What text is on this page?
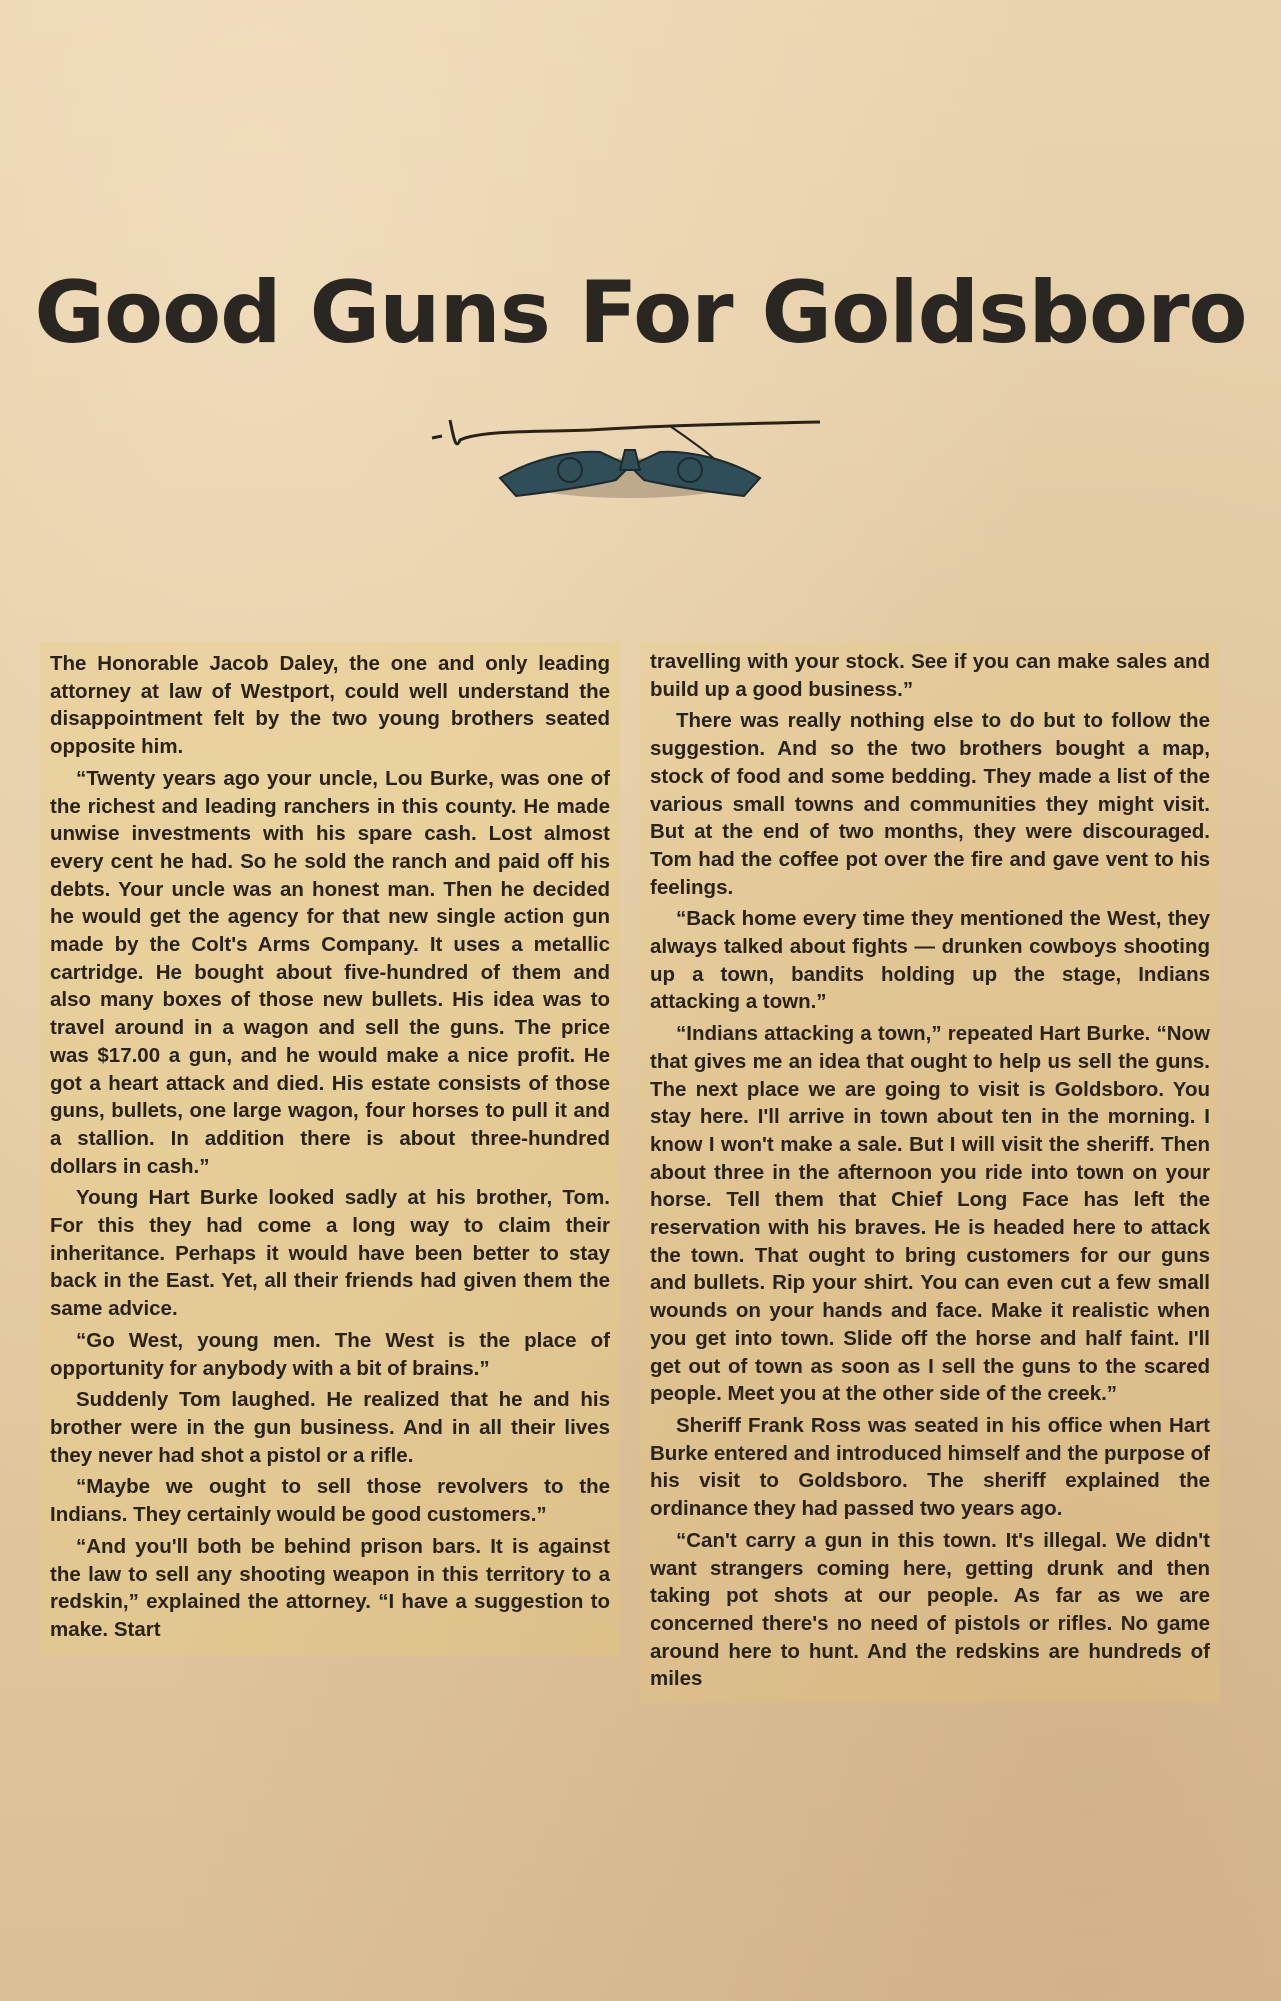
Good Guns For Goldsboro

The Honorable Jacob Daley, the one and only leading attorney at law of Westport, could well understand the disappointment felt by the two young brothers seated opposite him.

“Twenty years ago your uncle, Lou Burke, was one of the richest and leading ranchers in this county. He made unwise investments with his spare cash. Lost almost every cent he had. So he sold the ranch and paid off his debts. Your uncle was an honest man. Then he decided he would get the agency for that new single action gun made by the Colt's Arms Company. It uses a metallic cartridge. He bought about five-hundred of them and also many boxes of those new bullets. His idea was to travel around in a wagon and sell the guns. The price was $17.00 a gun, and he would make a nice profit. He got a heart attack and died. His estate consists of those guns, bullets, one large wagon, four horses to pull it and a stallion. In addition there is about three-hundred dollars in cash.”

Young Hart Burke looked sadly at his brother, Tom. For this they had come a long way to claim their inheritance. Perhaps it would have been better to stay back in the East. Yet, all their friends had given them the same advice.

“Go West, young men. The West is the place of opportunity for anybody with a bit of brains.”

Suddenly Tom laughed. He realized that he and his brother were in the gun business. And in all their lives they never had shot a pistol or a rifle.

“Maybe we ought to sell those revolvers to the Indians. They certainly would be good customers.”

“And you'll both be behind prison bars. It is against the law to sell any shooting weapon in this territory to a redskin,” explained the attorney. “I have a suggestion to make. Start

travelling with your stock. See if you can make sales and build up a good business.”

There was really nothing else to do but to follow the suggestion. And so the two brothers bought a map, stock of food and some bedding. They made a list of the various small towns and communities they might visit. But at the end of two months, they were discouraged. Tom had the coffee pot over the fire and gave vent to his feelings.

“Back home every time they mentioned the West, they always talked about fights — drunken cowboys shooting up a town, bandits holding up the stage, Indians attacking a town.”

“Indians attacking a town,” repeated Hart Burke. “Now that gives me an idea that ought to help us sell the guns. The next place we are going to visit is Goldsboro. You stay here. I'll arrive in town about ten in the morning. I know I won't make a sale. But I will visit the sheriff. Then about three in the afternoon you ride into town on your horse. Tell them that Chief Long Face has left the reservation with his braves. He is headed here to attack the town. That ought to bring customers for our guns and bullets. Rip your shirt. You can even cut a few small wounds on your hands and face. Make it realistic when you get into town. Slide off the horse and half faint. I'll get out of town as soon as I sell the guns to the scared people. Meet you at the other side of the creek.”

Sheriff Frank Ross was seated in his office when Hart Burke entered and introduced himself and the purpose of his visit to Goldsboro. The sheriff explained the ordinance they had passed two years ago.

“Can't carry a gun in this town. It's illegal. We didn't want strangers coming here, getting drunk and then taking pot shots at our people. As far as we are concerned there's no need of pistols or rifles. No game around here to hunt. And the redskins are hundreds of miles
